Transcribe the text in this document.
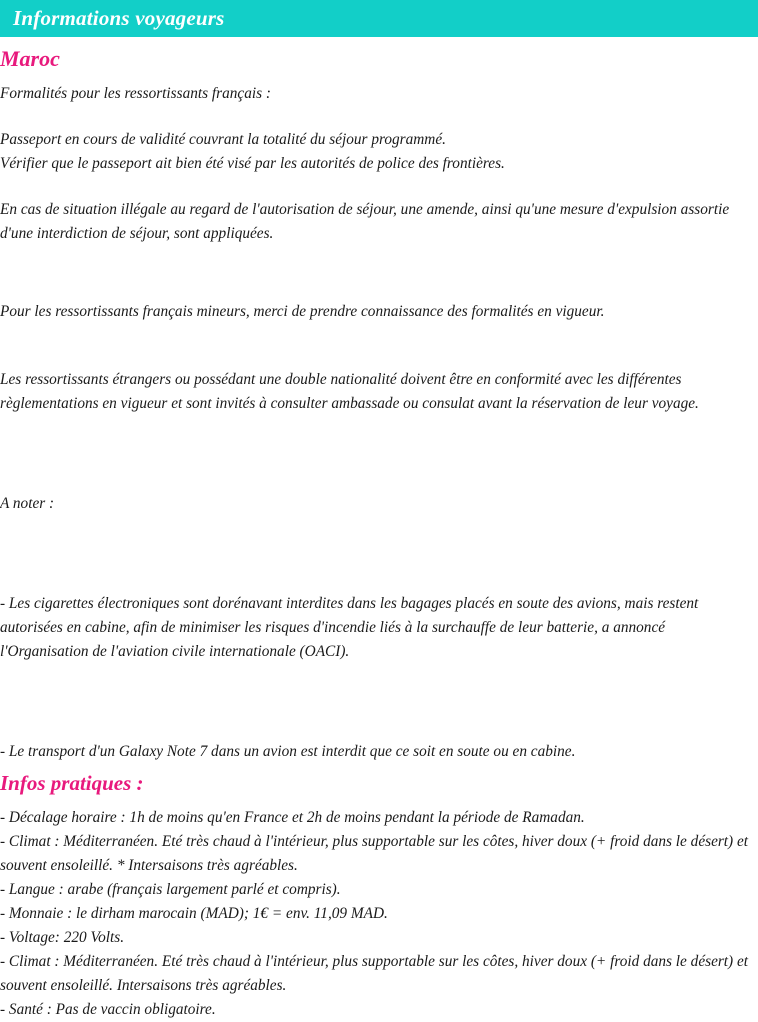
Informations voyageurs
Maroc

Formalités pour les ressortissants français :

Passeport en cours de validité couvrant la totalité du séjour programmé.

Vérifier que le passeport ait bien été visé par les autorités de police des frontières.

En cas de situation illégale au regard de l'autorisation de séjour, une amende, ainsi qu'une mesure d'expulsion assortie

d'une interdiction de séjour, sont appliquées.

Pour les ressortissants français mineurs, merci de prendre connaissance des formalités en vigueur.

Les ressortissants étrangers ou possédant une double nationalité doivent être en conformité avec les différentes

règlementations en vigueur et sont invités à consulter ambassade ou consulat avant la réservation de leur voyage.

A noter :

- Les cigarettes électroniques sont dorénavant interdites dans les bagages placés en soute des avions, mais restent

autorisées en cabine, afin de minimiser les risques d'incendie liés à la surchauffe de leur batterie, a annoncé

l'Organisation de l'aviation civile internationale (OACI).

- Le transport d'un Galaxy Note 7 dans un avion est interdit que ce soit en soute ou en cabine.

Infos pratiques :

- Décalage horaire : 1h de moins qu'en France et 2h de moins pendant la période de Ramadan.

- Climat : Méditerranéen. Eté très chaud à l'intérieur, plus supportable sur les côtes, hiver doux (+ froid dans le désert) et souvent ensoleillé. * Intersaisons très agréables.

- Langue : arabe (français largement parlé et compris).

- Monnaie : le dirham marocain (MAD); 1€ = env. 11,09 MAD.

- Voltage: 220 Volts.

- Climat : Méditerranéen. Eté très chaud à l'intérieur, plus supportable sur les côtes, hiver doux (+ froid dans le désert) et souvent ensoleillé. Intersaisons très agréables.

- Santé : Pas de vaccin obligatoire.
